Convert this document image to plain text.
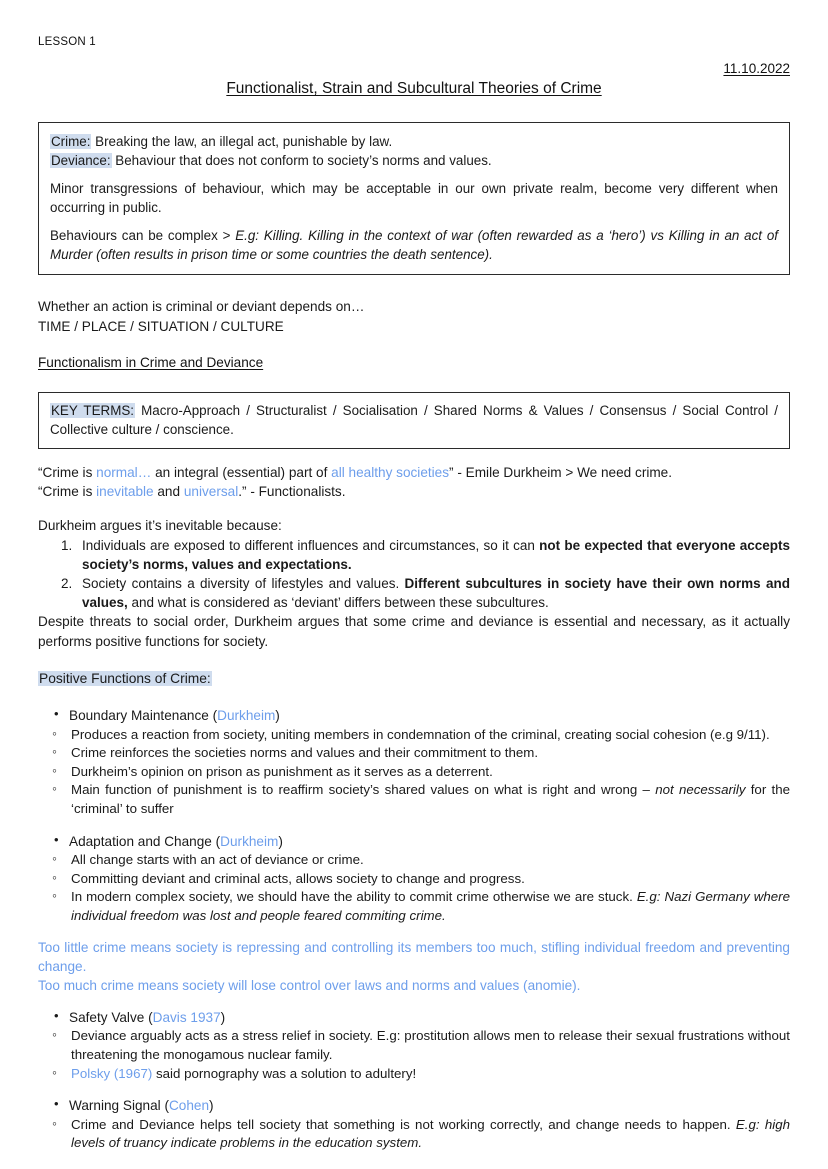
LESSON 1
11.10.2022
Functionalist, Strain and Subcultural Theories of Crime

Crime: Breaking the law, an illegal act, punishable by law.

Deviance: Behaviour that does not conform to society’s norms and values.

Minor transgressions of behaviour, which may be acceptable in our own private realm, become very different when occurring in public.

Behaviours can be complex > E.g: Killing. Killing in the context of war (often rewarded as a ‘hero’) vs Killing in an act of Murder (often results in prison time or some countries the death sentence).

Whether an action is criminal or deviant depends on…
TIME / PLACE / SITUATION / CULTURE
Functionalism in Crime and Deviance

KEY TERMS: Macro-Approach / Structuralist / Socialisation / Shared Norms & Values / Consensus / Social Control / Collective culture / conscience.

“Crime is normal… an integral (essential) part of all healthy societies” - Emile Durkheim > We need crime.
“Crime is inevitable and universal.” - Functionalists.
Durkheim argues it’s inevitable because:
1. Individuals are exposed to different influences and circumstances, so it can not be expected that everyone accepts society’s norms, values and expectations.
2. Society contains a diversity of lifestyles and values. Different subcultures in society have their own norms and values, and what is considered as ‘deviant’ differs between these subcultures.
Despite threats to social order, Durkheim argues that some crime and deviance is essential and necessary, as it actually performs positive functions for society.
Positive Functions of Crime:
• Boundary Maintenance (Durkheim)
◦ Produces a reaction from society, uniting members in condemnation of the criminal, creating social cohesion (e.g 9/11).
◦ Crime reinforces the societies norms and values and their commitment to them.
◦ Durkheim’s opinion on prison as punishment as it serves as a deterrent.
◦ Main function of punishment is to reaffirm society’s shared values on what is right and wrong – not necessarily for the ‘criminal’ to suffer
• Adaptation and Change (Durkheim)
◦ All change starts with an act of deviance or crime.
◦ Committing deviant and criminal acts, allows society to change and progress.
◦ In modern complex society, we should have the ability to commit crime otherwise we are stuck. E.g: Nazi Germany where individual freedom was lost and people feared commiting crime.
Too little crime means society is repressing and controlling its members too much, stifling individual freedom and preventing change.
Too much crime means society will lose control over laws and norms and values (anomie).
• Safety Valve (Davis 1937)
◦ Deviance arguably acts as a stress relief in society. E.g: prostitution allows men to release their sexual frustrations without threatening the monogamous nuclear family.
◦ Polsky (1967) said pornography was a solution to adultery!
• Warning Signal (Cohen)
◦ Crime and Deviance helps tell society that something is not working correctly, and change needs to happen. E.g: high levels of truancy indicate problems in the education system.
